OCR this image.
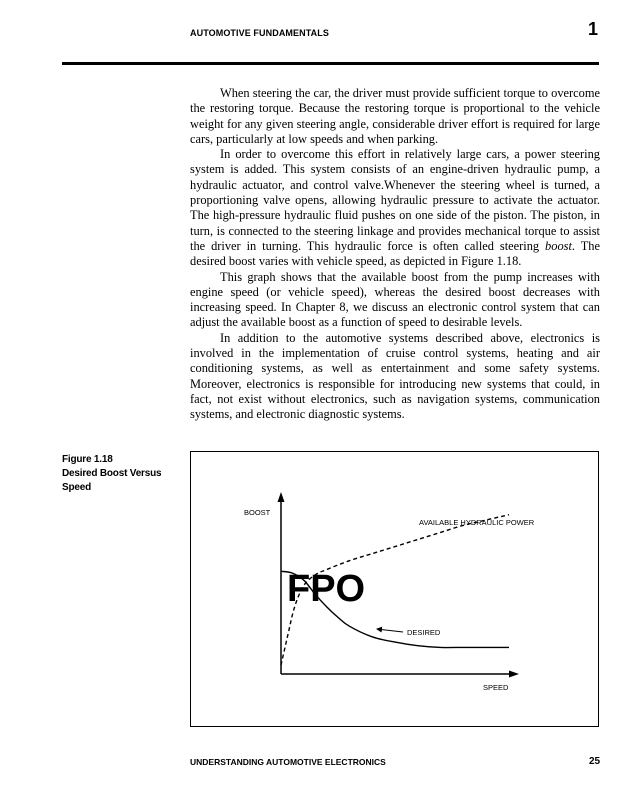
AUTOMOTIVE FUNDAMENTALS	1

When steering the car, the driver must provide sufficient torque to overcome the restoring torque. Because the restoring torque is proportional to the vehicle weight for any given steering angle, considerable driver effort is required for large cars, particularly at low speeds and when parking.

In order to overcome this effort in relatively large cars, a power steering system is added. This system consists of an engine-driven hydraulic pump, a hydraulic actuator, and control valve.Whenever the steering wheel is turned, a proportioning valve opens, allowing hydraulic pressure to activate the actuator. The high-pressure hydraulic fluid pushes on one side of the piston. The piston, in turn, is connected to the steering linkage and provides mechanical torque to assist the driver in turning. This hydraulic force is often called steering boost. The desired boost varies with vehicle speed, as depicted in Figure 1.18.

This graph shows that the available boost from the pump increases with engine speed (or vehicle speed), whereas the desired boost decreases with increasing speed. In Chapter 8, we discuss an electronic control system that can adjust the available boost as a function of speed to desirable levels.

In addition to the automotive systems described above, electronics is involved in the implementation of cruise control systems, heating and air conditioning systems, as well as entertainment and some safety systems. Moreover, electronics is responsible for introducing new systems that could, in fact, not exist without electronics, such as navigation systems, communication systems, and electronic diagnostic systems.

Figure 1.18
Desired Boost Versus Speed
BOOST
SPEED
AVAILABLE HYDRAULIC POWER
DESIRED
FPO
UNDERSTANDING AUTOMOTIVE ELECTRONICS	25
